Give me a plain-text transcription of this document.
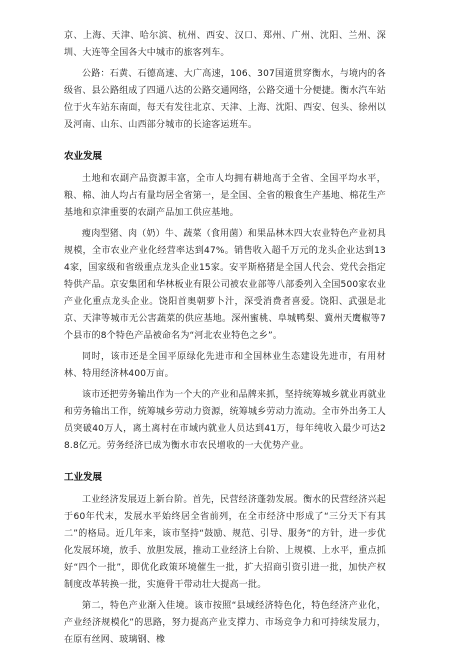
京、上海、天津、哈尔滨、杭州、西安、汉口、郑州、广州、沈阳、兰州、深圳、大连等全国各大中城市的旅客列车。

公路：石黄、石德高速、大广高速，106、307国道贯穿衡水，与境内的各级省、县公路组成了四通八达的公路交通网络，公路交通十分便捷。衡水汽车站位于火车站东南面，每天有发往北京、天津、上海、沈阳、西安、包头、徐州以及河南、山东、山西部分城市的长途客运班车。

农业发展

土地和农副产品资源丰富，全市人均拥有耕地高于全省、全国平均水平，粮、棉、油人均占有量均居全省第一，是全国、全省的粮食生产基地、棉花生产基地和京津重要的农副产品加工供应基地。

瘦肉型猪、肉（奶）牛、蔬菜（食用菌）和果品林木四大农业特色产业初具规模，全市农业产业化经营率达到47%。销售收入超千万元的龙头企业达到134家，国家级和省级重点龙头企业15家。安平斯格猪是全国人代会、党代会指定特供产品。京安集团和华林板业有限公司被农业部等八部委列入全国500家农业产业化重点龙头企业。饶阳首奥朝萝卜汁，深受消费者喜爱。饶阳、武强是北京、天津等城市无公害蔬菜的供应基地。深州蜜桃、阜城鸭梨、冀州天鹰椒等7个县市的8个特色产品被命名为“河北农业特色之乡”。

同时，该市还是全国平原绿化先进市和全国林业生态建设先进市，有用材林、特用经济林400万亩。

该市还把劳务输出作为一个大的产业和品牌来抓，坚持统筹城乡就业再就业和劳务输出工作，统筹城乡劳动力资源，统筹城乡劳动力流动。全市外出务工人员突破40万人，离土离村在市域内就业人员达到41万，每年纯收入最少可达28.8亿元。劳务经济已成为衡水市农民增收的一大优势产业。

工业发展

工业经济发展迈上新台阶。首先，民营经济蓬勃发展。衡水的民营经济兴起于60年代末，发展水平始终居全省前列，在全市经济中形成了“三分天下有其二”的格局。近几年来，该市坚持“鼓励、规范、引导、服务“的方针，进一步优化发展环境，放手、放胆发展，推动工业经济上台阶、上规模、上水平，重点抓好“四个一批”，即优化政策环境催生一批，扩大招商引资引进一批，加快产权制度改革转换一批，实施骨干带动壮大提高一批。

第二，特色产业渐入佳境。该市按照“县域经济特色化，特色经济产业化，产业经济规模化”的思路，努力提高产业支撑力、市场竞争力和可持续发展力，在原有丝网、玻璃钢、橡
